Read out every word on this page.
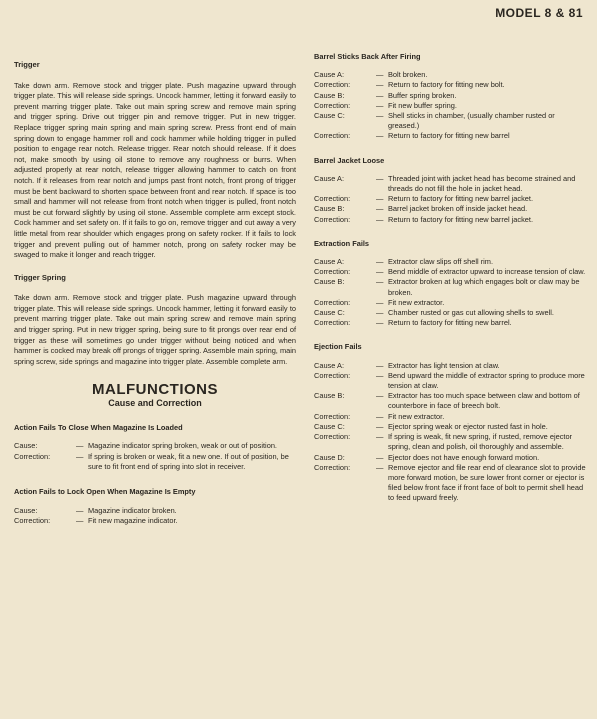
MODEL 8 & 81
Trigger

Take down arm. Remove stock and trigger plate. Push magazine upward through trigger plate. This will release side springs. Uncock hammer, letting it forward easily to prevent marring trigger plate. Take out main spring screw and remove main spring and trigger spring. Drive out trigger pin and remove trigger. Put in new trigger. Replace trigger spring main spring and main spring screw. Press front end of main spring down to engage hammer roll and cock hammer while holding trigger in pulled position to engage rear notch. Release trigger. Rear notch should release. If it does not, make smooth by using oil stone to remove any roughness or burrs. When adjusted properly at rear notch, release trigger allowing hammer to catch on front notch. If it releases from rear notch and jumps past front notch, front prong of trigger must be bent backward to shorten space between front and rear notch. If space is too small and hammer will not release from front notch when trigger is pulled, front notch must be cut forward slightly by using oil stone. Assemble complete arm except stock. Cock hammer and set safety on. If it fails to go on, remove trigger and cut away a very little metal from rear shoulder which engages prong on safety rocker. If it fails to lock trigger and prevent pulling out of hammer notch, prong on safety rocker may be swaged to make it longer and reach trigger.

Trigger Spring

Take down arm. Remove stock and trigger plate. Push magazine upward through trigger plate. This will release side springs. Uncock hammer, letting it forward easily to prevent marring trigger plate. Take out main spring screw and remove main spring and trigger spring. Put in new trigger spring, being sure to fit prongs over rear end of trigger as these will sometimes go under trigger without being noticed and when hammer is cocked may break off prongs of trigger spring. Assemble main spring, main spring screw, side springs and magazine into trigger plate. Assemble complete arm.

MALFUNCTIONS
Cause and Correction
Action Fails To Close When Magazine Is Loaded
Cause:	— Magazine indicator spring broken, weak or out of position.
Correction:	— If spring is broken or weak, fit a new one. If out of position, be sure to fit front end of spring into slot in receiver.
Action Fails to Lock Open When Magazine Is Empty
Cause:	— Magazine indicator broken.
Correction:	— Fit new magazine indicator.
Barrel Sticks Back After Firing
Cause A:	— Bolt broken.
Correction:	— Return to factory for fitting new bolt.
Cause B:	— Buffer spring broken.
Correction:	— Fit new buffer spring.
Cause C:	— Shell sticks in chamber, (usually chamber rusted or greased.)
Correction:	— Return to factory for fitting new barrel
Barrel Jacket Loose
Cause A:	— Threaded joint with jacket head has become strained and threads do not fill the hole in jacket head.
Correction:	— Return to factory for fitting new barrel jacket.
Cause B:	— Barrel jacket broken off inside jacket head.
Correction:	— Return to factory for fitting new barrel jacket.
Extraction Fails
Cause A:	— Extractor claw slips off shell rim.
Correction:	— Bend middle of extractor upward to increase tension of claw.
Cause B:	— Extractor broken at lug which engages bolt or claw may be broken.
Correction:	— Fit new extractor.
Cause C:	— Chamber rusted or gas cut allowing shells to swell.
Correction:	— Return to factory for fitting new barrel.
Ejection Fails
Cause A:	— Extractor has light tension at claw.
Correction:	— Bend upward the middle of extractor spring to produce more tension at claw.
Cause B:	— Extractor has too much space between claw and bottom of counterbore in face of breech bolt.
Correction:	— Fit new extractor.
Cause C:	— Ejector spring weak or ejector rusted fast in hole.
Correction:	— If spring is weak, fit new spring, if rusted, remove ejector spring, clean and polish, oil thoroughly and assemble.
Cause D:	— Ejector does not have enough forward motion.
Correction:	— Remove ejector and file rear end of clearance slot to provide more forward motion, be sure lower front corner or ejector is filed below front face if front face of bolt to permit shell head to feed upward freely.
